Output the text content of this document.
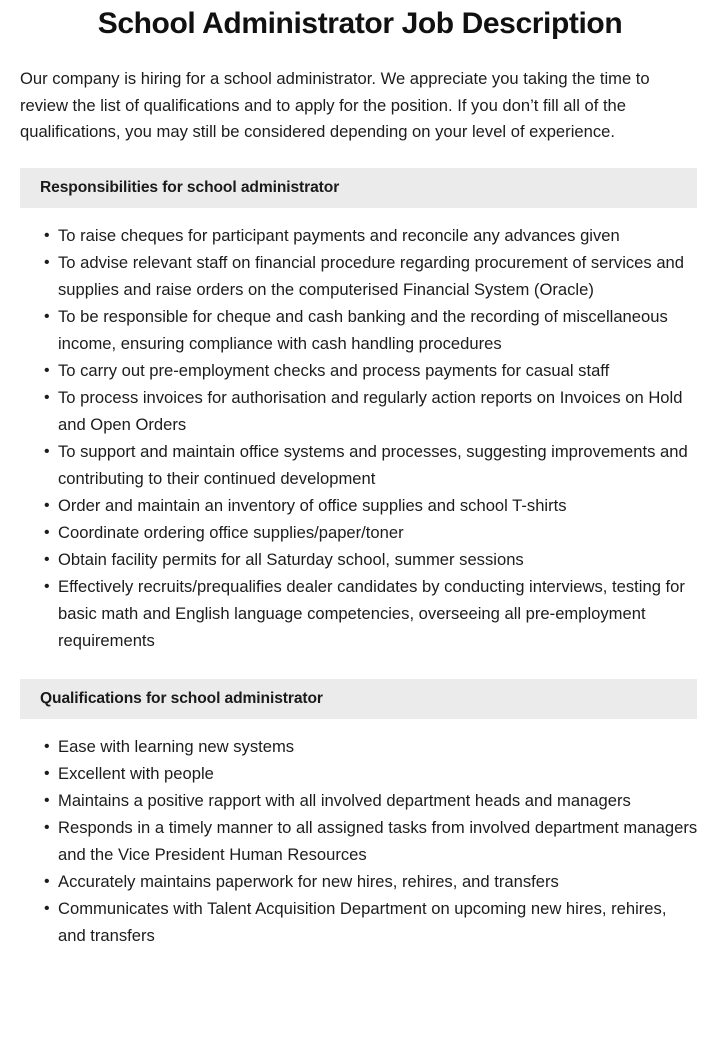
School Administrator Job Description

Our company is hiring for a school administrator. We appreciate you taking the time to review the list of qualifications and to apply for the position. If you don’t fill all of the qualifications, you may still be considered depending on your level of experience.

Responsibilities for school administrator
• To raise cheques for participant payments and reconcile any advances given
• To advise relevant staff on financial procedure regarding procurement of services and supplies and raise orders on the computerised Financial System (Oracle)
• To be responsible for cheque and cash banking and the recording of miscellaneous income, ensuring compliance with cash handling procedures
• To carry out pre-employment checks and process payments for casual staff
• To process invoices for authorisation and regularly action reports on Invoices on Hold and Open Orders
• To support and maintain office systems and processes, suggesting improvements and contributing to their continued development
• Order and maintain an inventory of office supplies and school T-shirts
• Coordinate ordering office supplies/paper/toner
• Obtain facility permits for all Saturday school, summer sessions
• Effectively recruits/prequalifies dealer candidates by conducting interviews, testing for basic math and English language competencies, overseeing all pre-employment requirements
Qualifications for school administrator
• Ease with learning new systems
• Excellent with people
• Maintains a positive rapport with all involved department heads and managers
• Responds in a timely manner to all assigned tasks from involved department managers and the Vice President Human Resources
• Accurately maintains paperwork for new hires, rehires, and transfers
• Communicates with Talent Acquisition Department on upcoming new hires, rehires, and transfers
